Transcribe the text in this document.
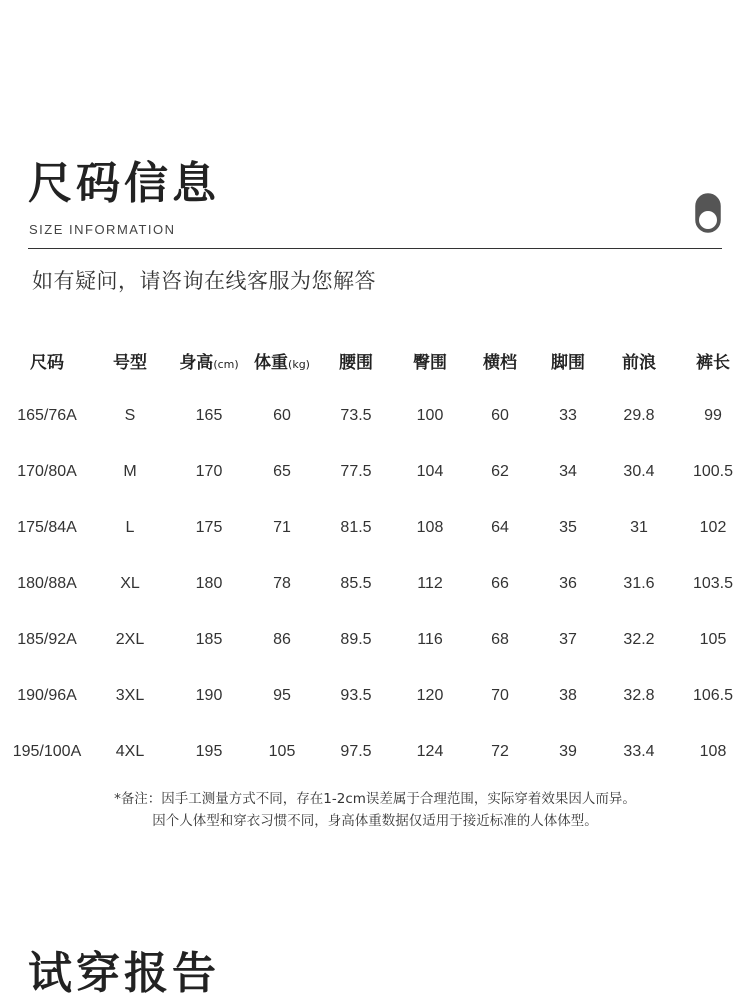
尺码信息
SIZE INFORMATION
如有疑问，请咨询在线客服为您解答
尺码	号型	身高(cm)	体重(kg)	腰围	臀围	横档	脚围	前浪	裤长
165/76A	S	165	60	73.5	100	60	33	29.8	99
170/80A	M	170	65	77.5	104	62	34	30.4	100.5
175/84A	L	175	71	81.5	108	64	35	31	102
180/88A	XL	180	78	85.5	112	66	36	31.6	103.5
185/92A	2XL	185	86	89.5	116	68	37	32.2	105
190/96A	3XL	190	95	93.5	120	70	38	32.8	106.5
195/100A	4XL	195	105	97.5	124	72	39	33.4	108
*备注：因手工测量方式不同，存在1-2cm误差属于合理范围，实际穿着效果因人而异。
因个人体型和穿衣习惯不同，身高体重数据仅适用于接近标准的人体体型。
试穿报告
